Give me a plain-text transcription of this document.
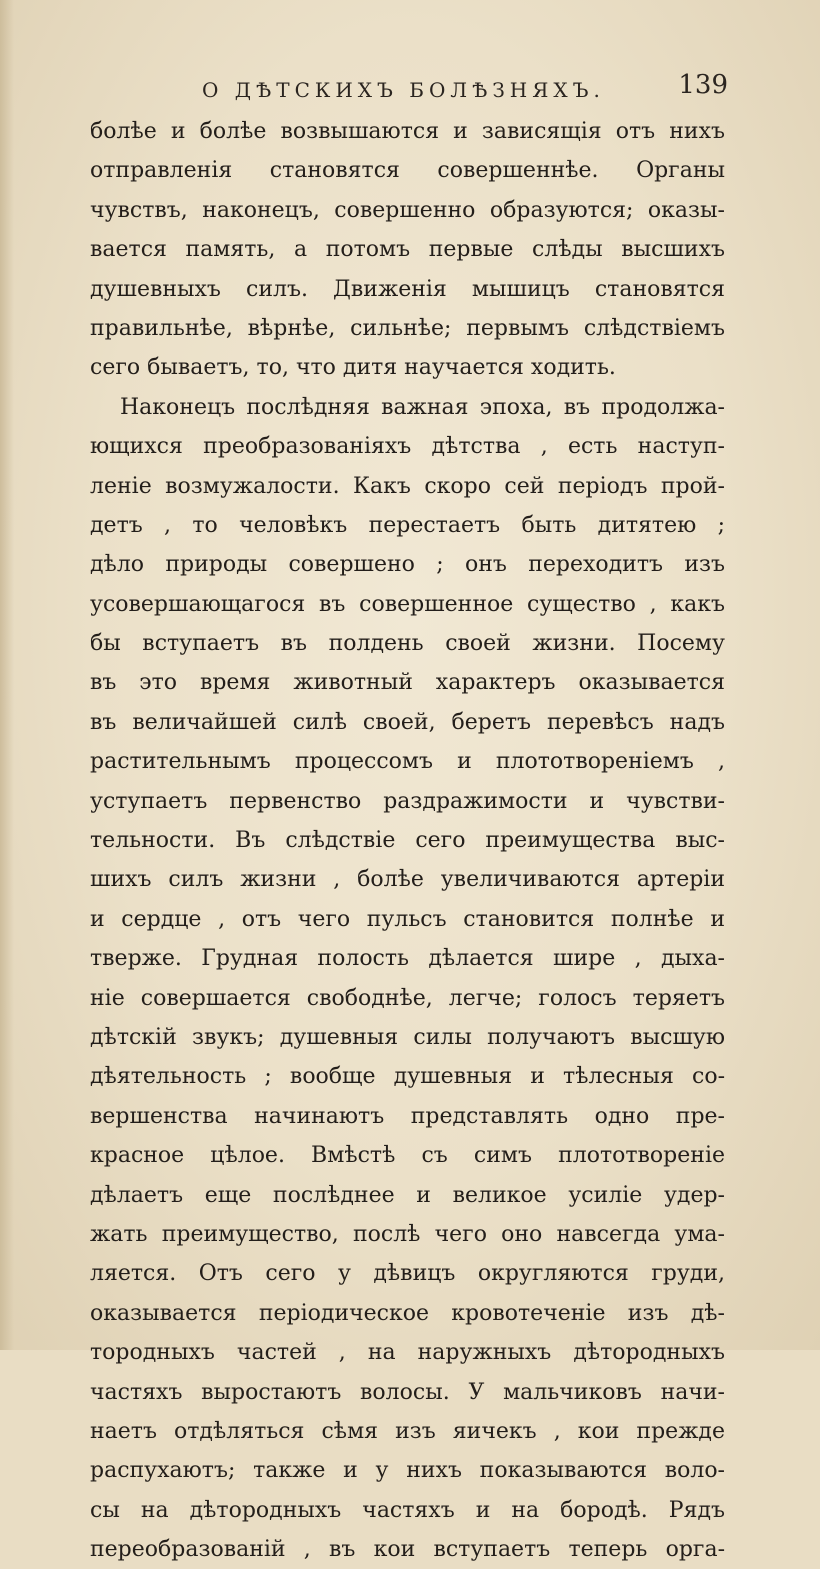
О ДѢТСКИХЪ БОЛѢЗНЯХЪ.	139
болѣе и болѣе возвышаются и зависящія отъ нихъ
отправленія становятся совершеннѣе. Органы
чувствъ, наконецъ, совершенно образуются; оказы-
вается память, а потомъ первые слѣды высшихъ
душевныхъ силъ. Движенія мышицъ становятся
правильнѣе, вѣрнѣе, сильнѣе; первымъ слѣдствіемъ
сего бываетъ, то, что дитя научается ходить.
Наконецъ послѣдняя важная эпоха, въ продолжа-
ющихся преобразованіяхъ дѣтства , есть наступ-
леніе возмужалости. Какъ скоро сей періодъ прой-
детъ , то человѣкъ перестаетъ быть дитятею ;
дѣло природы совершено ; онъ переходитъ изъ
усовершающагося въ совершенное существо , какъ
бы вступаетъ въ полдень своей жизни. Посему
въ это время животный характеръ оказывается
въ величайшей силѣ своей, беретъ перевѣсъ надъ
растительнымъ процессомъ и плототвореніемъ ,
уступаетъ первенство раздражимости и чувстви-
тельности. Въ слѣдствіе сего преимущества выс-
шихъ силъ жизни , болѣе увеличиваются артеріи
и сердце , отъ чего пульсъ становится полнѣе и
тверже. Грудная полость дѣлается шире , дыха-
ніе совершается свободнѣе, легче; голосъ теряетъ
дѣтскій звукъ; душевныя силы получаютъ высшую
дѣятельность ; вообще душевныя и тѣлесныя со-
вершенства начинаютъ представлять одно пре-
красное цѣлое. Вмѣстѣ съ симъ плототвореніе
дѣлаетъ еще послѣднее и великое усиліе удер-
жать преимущество, послѣ чего оно навсегда ума-
ляется. Отъ сего у дѣвицъ округляются груди,
оказывается періодическое кровотеченіе изъ дѣ-
тородныхъ частей , на наружныхъ дѣтородныхъ
частяхъ выростаютъ волосы. У мальчиковъ начи-
наетъ отдѣляться сѣмя изъ яичекъ , кои прежде
распухаютъ; также и у нихъ показываются воло-
сы на дѣтородныхъ частяхъ и на бородѣ. Рядъ
переобразованій , въ кои вступаетъ теперь орга-
